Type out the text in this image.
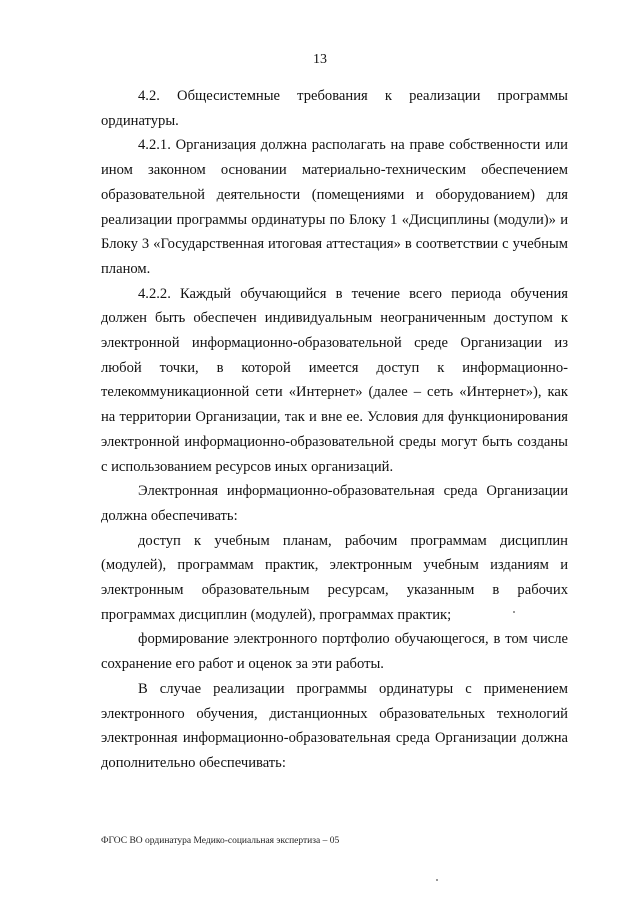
13

4.2. Общесистемные требования к реализации программы ординатуры.

4.2.1. Организация должна располагать на праве собственности или ином законном основании материально-техническим обеспечением образовательной деятельности (помещениями и оборудованием) для реализации программы ординатуры по Блоку 1 «Дисциплины (модули)» и Блоку 3 «Государственная итоговая аттестация» в соответствии с учебным планом.

4.2.2. Каждый обучающийся в течение всего периода обучения должен быть обеспечен индивидуальным неограниченным доступом к электронной информационно-образовательной среде Организации из любой точки, в которой имеется доступ к информационно-телекоммуникационной сети «Интернет» (далее – сеть «Интернет»), как на территории Организации, так и вне ее. Условия для функционирования электронной информационно-образовательной среды могут быть созданы с использованием ресурсов иных организаций.

Электронная информационно-образовательная среда Организации должна обеспечивать:

доступ к учебным планам, рабочим программам дисциплин (модулей), программам практик, электронным учебным изданиям и электронным образовательным ресурсам, указанным в рабочих программах дисциплин (модулей), программах практик;

формирование электронного портфолио обучающегося, в том числе сохранение его работ и оценок за эти работы.

В случае реализации программы ординатуры с применением электронного обучения, дистанционных образовательных технологий электронная информационно-образовательная среда Организации должна дополнительно обеспечивать:

ФГОС ВО ординатура Медико-социальная экспертиза – 05
